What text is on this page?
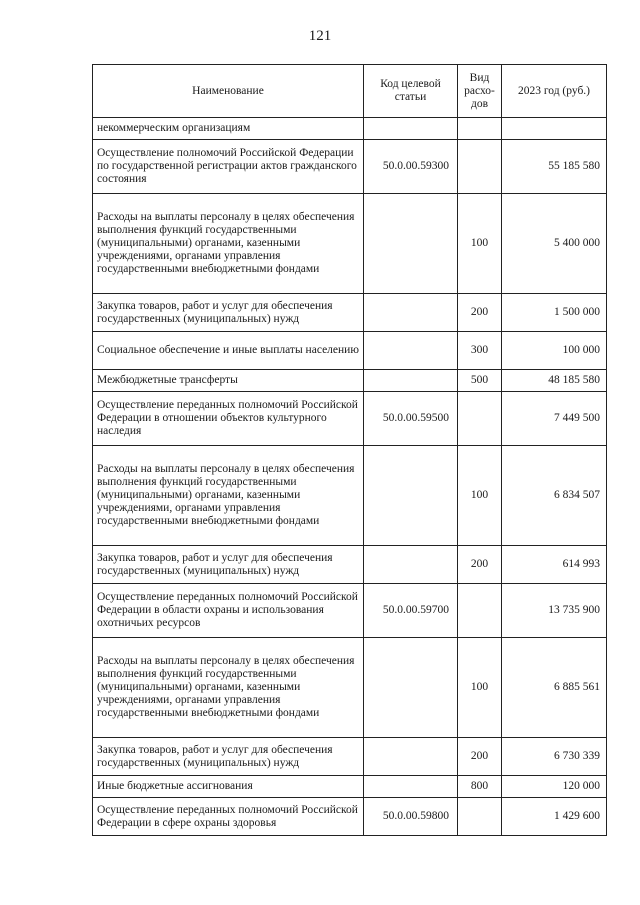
121
Наименование	Код целевой статьи	Вид расхо-дов	2023 год (руб.)
некоммерческим организациям			
Осуществление полномочий Российской Федерации по государственной регистрации актов гражданского состояния	50.0.00.59300		55 185 580
Расходы на выплаты персоналу в целях обеспечения выполнения функций государственными (муниципальными) органами, казенными учреждениями, органами управления государственными внебюджетными фондами		100	5 400 000
Закупка товаров, работ и услуг для обеспечения государственных (муниципальных) нужд		200	1 500 000
Социальное обеспечение и иные выплаты населению		300	100 000
Межбюджетные трансферты		500	48 185 580
Осуществление переданных полномочий Российской Федерации в отношении объектов культурного наследия	50.0.00.59500		7 449 500
Расходы на выплаты персоналу в целях обеспечения выполнения функций государственными (муниципальными) органами, казенными учреждениями, органами управления государственными внебюджетными фондами		100	6 834 507
Закупка товаров, работ и услуг для обеспечения государственных (муниципальных) нужд		200	614 993
Осуществление переданных полномочий Российской Федерации в области охраны и использования охотничьих ресурсов	50.0.00.59700		13 735 900
Расходы на выплаты персоналу в целях обеспечения выполнения функций государственными (муниципальными) органами, казенными учреждениями, органами управления государственными внебюджетными фондами		100	6 885 561
Закупка товаров, работ и услуг для обеспечения государственных (муниципальных) нужд		200	6 730 339
Иные бюджетные ассигнования		800	120 000
Осуществление переданных полномочий Российской Федерации в сфере охраны здоровья	50.0.00.59800		1 429 600
